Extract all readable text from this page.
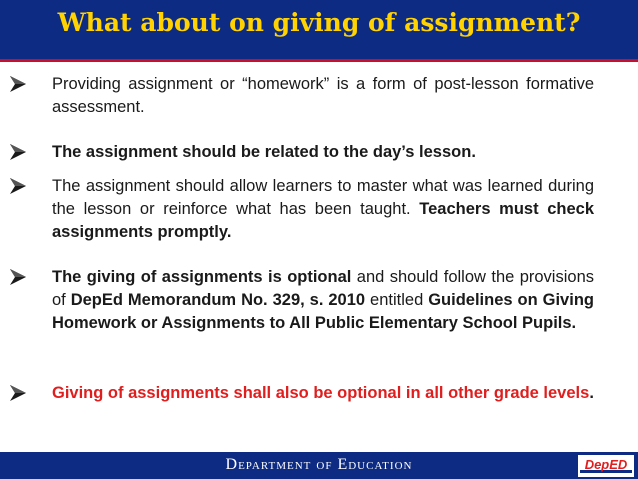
What about on giving of assignment?
Providing assignment or “homework” is a form of post-lesson formative assessment.
The assignment should be related to the day’s lesson.
The assignment should allow learners to master what was learned during the lesson or reinforce what has been taught. Teachers must check assignments promptly.
The giving of assignments is optional and should follow the provisions of DepEd Memorandum No. 329, s. 2010 entitled Guidelines on Giving Homework or Assignments to All Public Elementary School Pupils.
Giving of assignments shall also be optional in all other grade levels.
Department of Education	DepED
